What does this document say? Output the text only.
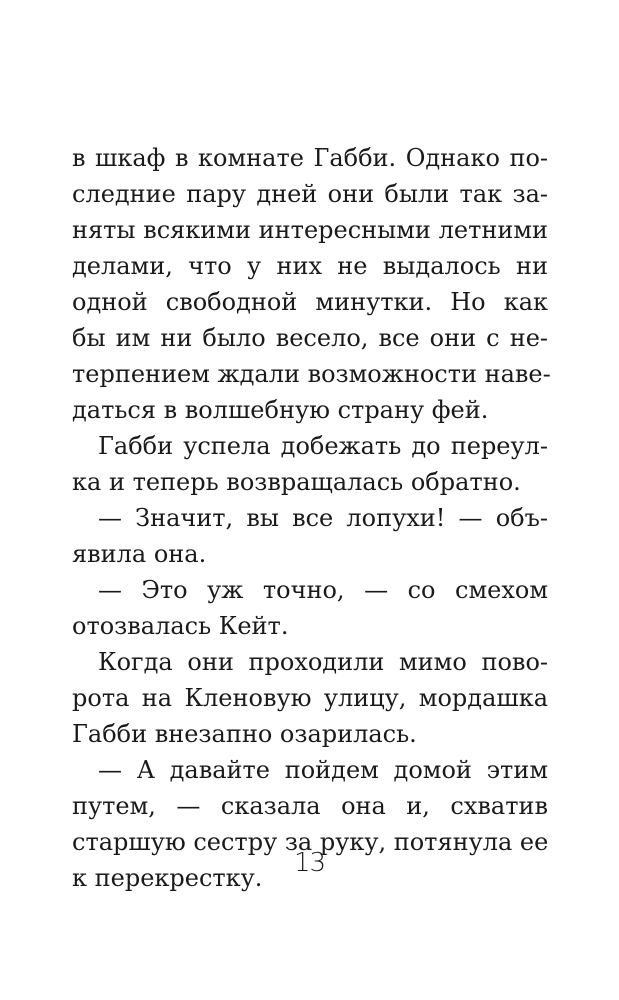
в шкаф в комнате Габби. Однако по-
следние пару дней они были так за-
няты всякими интересными летними
делами, что у них не выдалось ни
одной свободной минутки. Но как
бы им ни было весело, все они с не-
терпением ждали возможности наве-
даться в волшебную страну фей.

Габби успела добежать до переул-
ка и теперь возвращалась обратно.

— Значит, вы все лопухи! — объ-
явила она.

— Это уж точно, — со смехом
отозвалась Кейт.

Когда они проходили мимо пово-
рота на Кленовую улицу, мордашка
Габби внезапно озарилась.

— А давайте пойдем домой этим
путем, — сказала она и, схватив
старшую сестру за руку, потянула ее
к перекрестку.	13
